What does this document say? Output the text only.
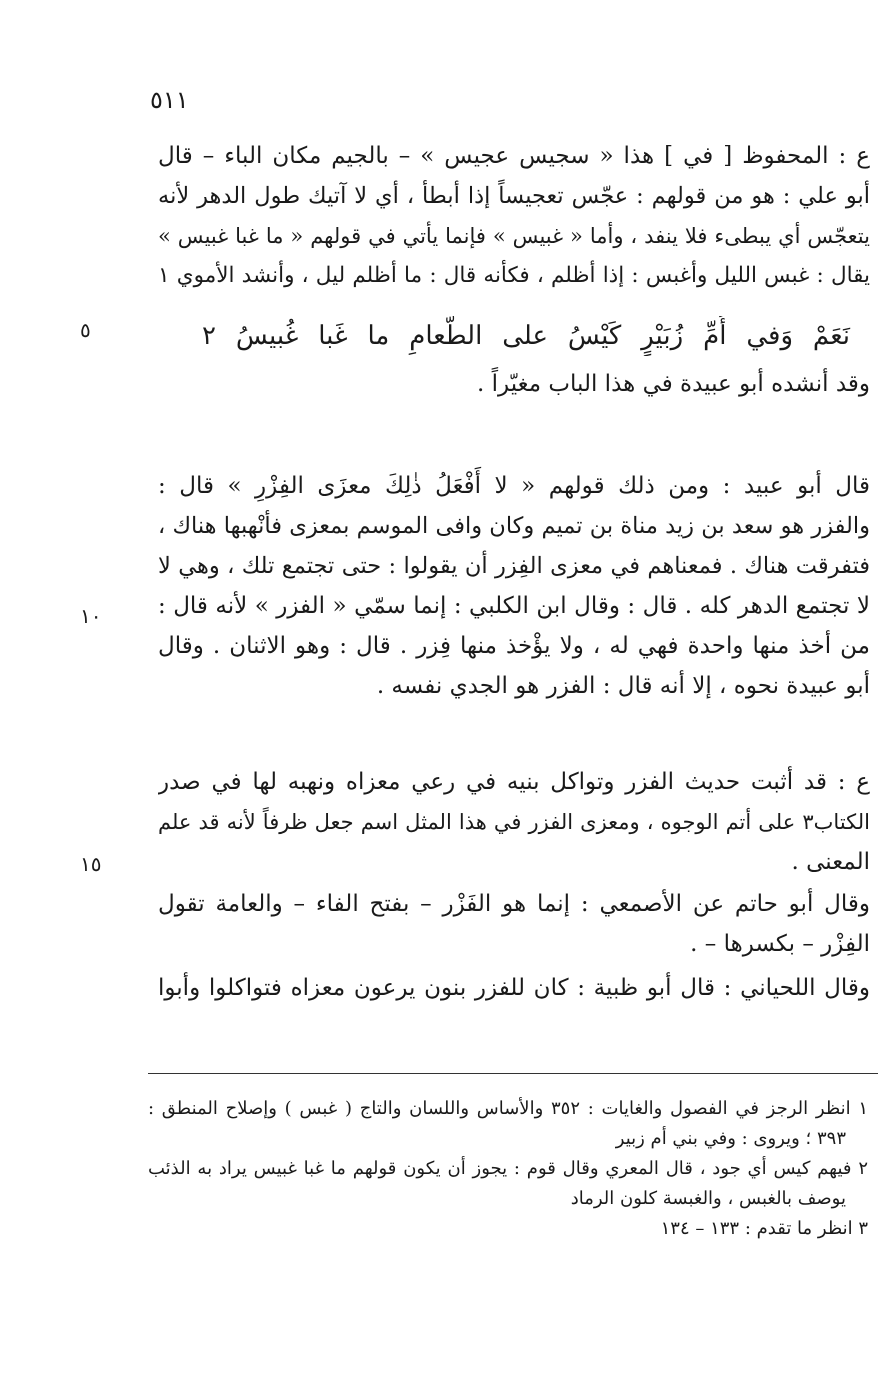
٥١١
٥
١٠
١٥
ع : المحفوظ [ في ] هذا « سجيس عجيس » – بالجيم مكان الباء – قال
أبو علي : هو من قولهم : عجّس تعجيساً إذا أبطأ ، أي لا آتيك طول الدهر لأنه
يتعجّس أي يبطىء فلا ينفد ، وأما « غبيس » فإنما يأتي في قولهم « ما غبا غبيس »
يقال : غبس الليل وأغبس : إذا أظلم ، فكأنه قال : ما أظلم ليل ، وأنشد الأموي ١
نَعَمْ وَفي أُمِّ زُبَيْرٍ كَيْسُ على الطَّعامِ ما غَبا غُبيسُ ٢
وقد أنشده أبو عبيدة في هذا الباب مغيّراً .
قال أبو عبيد : ومن ذلك قولهم « لا أَفْعَلُ ذٰلِكَ معزَى الفِزْرِ » قال :
والفزر هو سعد بن زيد مناة بن تميم وكان وافى الموسم بمعزى فأنْهبها هناك ،
فتفرقت هناك . فمعناهم في معزى الفِزر أن يقولوا : حتى تجتمع تلك ، وهي لا
لا تجتمع الدهر كله . قال : وقال ابن الكلبي : إنما سمّي « الفزر » لأنه قال :
من أخذ منها واحدة فهي له ، ولا يؤْخذ منها فِزر . قال : وهو الاثنان . وقال
أبو عبيدة نحوه ، إلا أنه قال : الفزر هو الجدي نفسه .
ع : قد أثبت حديث الفزر وتواكل بنيه في رعي معزاه ونهبه لها في صدر
الكتاب٣ على أتم الوجوه ، ومعزى الفزر في هذا المثل اسم جعل ظرفاً لأنه قد علم
المعنى .
وقال أبو حاتم عن الأصمعي : إنما هو الفَزْر – بفتح الفاء – والعامة تقول
الفِزْر – بكسرها – .
وقال اللحياني : قال أبو ظبية : كان للفزر بنون يرعون معزاه فتواكلوا وأبوا
١ انظر الرجز في الفصول والغايات : ٣٥٢ والأساس واللسان والتاج ( غبس ) وإصلاح المنطق :
٣٩٣ ؛ ويروى : وفي بني أم زبير
٢ فيهم كيس أي جود ، قال المعري وقال قوم : يجوز أن يكون قولهم ما غبا غبيس يراد به الذئب
يوصف بالغبس ، والغبسة كلون الرماد
٣ انظر ما تقدم : ١٣٣ – ١٣٤
